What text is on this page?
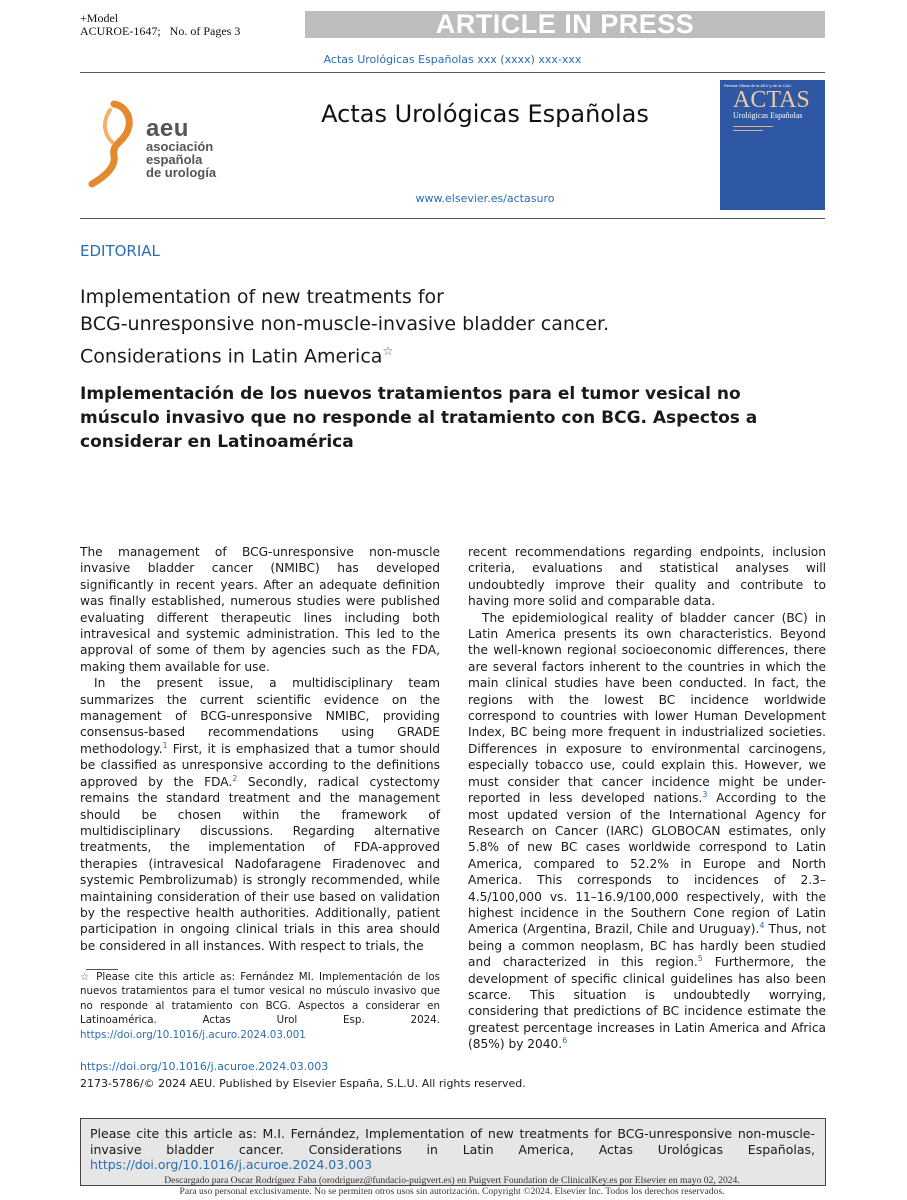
+Model
ACUROE-1647;   No. of Pages 3	ARTICLE IN PRESS
Actas Urológicas Españolas xxx (xxxx) xxx-xxx
aeu
asociación
española
de urología
Actas Urológicas Españolas
www.elsevier.es/actasuro
Revista Oficial de la AEU y de la CAU
ACTAS
Urológicas Españolas
EDITORIAL
Implementation of new treatments for
BCG-unresponsive non-muscle-invasive bladder cancer.
Considerations in Latin America☆
Implementación de los nuevos tratamientos para el tumor vesical no
músculo invasivo que no responde al tratamiento con BCG. Aspectos a
considerar en Latinoamérica

The management of BCG-unresponsive non-muscle invasive bladder cancer (NMIBC) has developed significantly in recent years. After an adequate definition was finally established, numerous studies were published evaluating different therapeutic lines including both intravesical and systemic administration. This led to the approval of some of them by agencies such as the FDA, making them available for use.

In the present issue, a multidisciplinary team summarizes the current scientific evidence on the management of BCG-unresponsive NMIBC, providing consensus-based recommendations using GRADE methodology.$^1$ First, it is emphasized that a tumor should be classified as unresponsive according to the definitions approved by the FDA.$^2$ Secondly, radical cystectomy remains the standard treatment and the management should be chosen within the framework of multidisciplinary discussions. Regarding alternative treatments, the implementation of FDA-approved therapies (intravesical Nadofaragene Firadenovec and systemic Pembrolizumab) is strongly recommended, while maintaining consideration of their use based on validation by the respective health authorities. Additionally, patient participation in ongoing clinical trials in this area should be considered in all instances. With respect to trials, the

recent recommendations regarding endpoints, inclusion criteria, evaluations and statistical analyses will undoubtedly improve their quality and contribute to having more solid and comparable data.

The epidemiological reality of bladder cancer (BC) in Latin America presents its own characteristics. Beyond the well-known regional socioeconomic differences, there are several factors inherent to the countries in which the main clinical studies have been conducted. In fact, the regions with the lowest BC incidence worldwide correspond to countries with lower Human Development Index, BC being more frequent in industrialized societies. Differences in exposure to environmental carcinogens, especially tobacco use, could explain this. However, we must consider that cancer incidence might be under-reported in less developed nations.$^3$ According to the most updated version of the International Agency for Research on Cancer (IARC) GLOBOCAN estimates, only 5.8% of new BC cases worldwide correspond to Latin America, compared to 52.2% in Europe and North America. This corresponds to incidences of 2.3–4.5/100,000 vs. 11–16.9/100,000 respectively, with the highest incidence in the Southern Cone region of Latin America (Argentina, Brazil, Chile and Uruguay).$^4$ Thus, not being a common neoplasm, BC has hardly been studied and characterized in this region.$^5$ Furthermore, the development of specific clinical guidelines has also been scarce. This situation is undoubtedly worrying, considering that predictions of BC incidence estimate the greatest percentage increases in Latin America and Africa (85%) by 2040.$^6$

☆ Please cite this article as: Fernández MI. Implementación de los nuevos tratamientos para el tumor vesical no músculo invasivo que no responde al tratamiento con BCG. Aspectos a considerar en Latinoamérica. Actas Urol Esp. 2024. https://doi.org/10.1016/j.acuro.2024.03.001
https://doi.org/10.1016/j.acuroe.2024.03.003
2173-5786/© 2024 AEU. Published by Elsevier España, S.L.U. All rights reserved.
Please cite this article as: M.I. Fernández, Implementation of new treatments for BCG-unresponsive non-muscle-invasive bladder cancer. Considerations in Latin America, Actas Urológicas Españolas, https://doi.org/10.1016/j.acuroe.2024.03.003
Descargado para Oscar Rodríguez Faba (orodriguez@fundacio-puigvert.es) en Puigvert Foundation de ClinicalKey.es por Elsevier en mayo 02, 2024.
Para uso personal exclusivamente. No se permiten otros usos sin autorización. Copyright ©2024. Elsevier Inc. Todos los derechos reservados.
